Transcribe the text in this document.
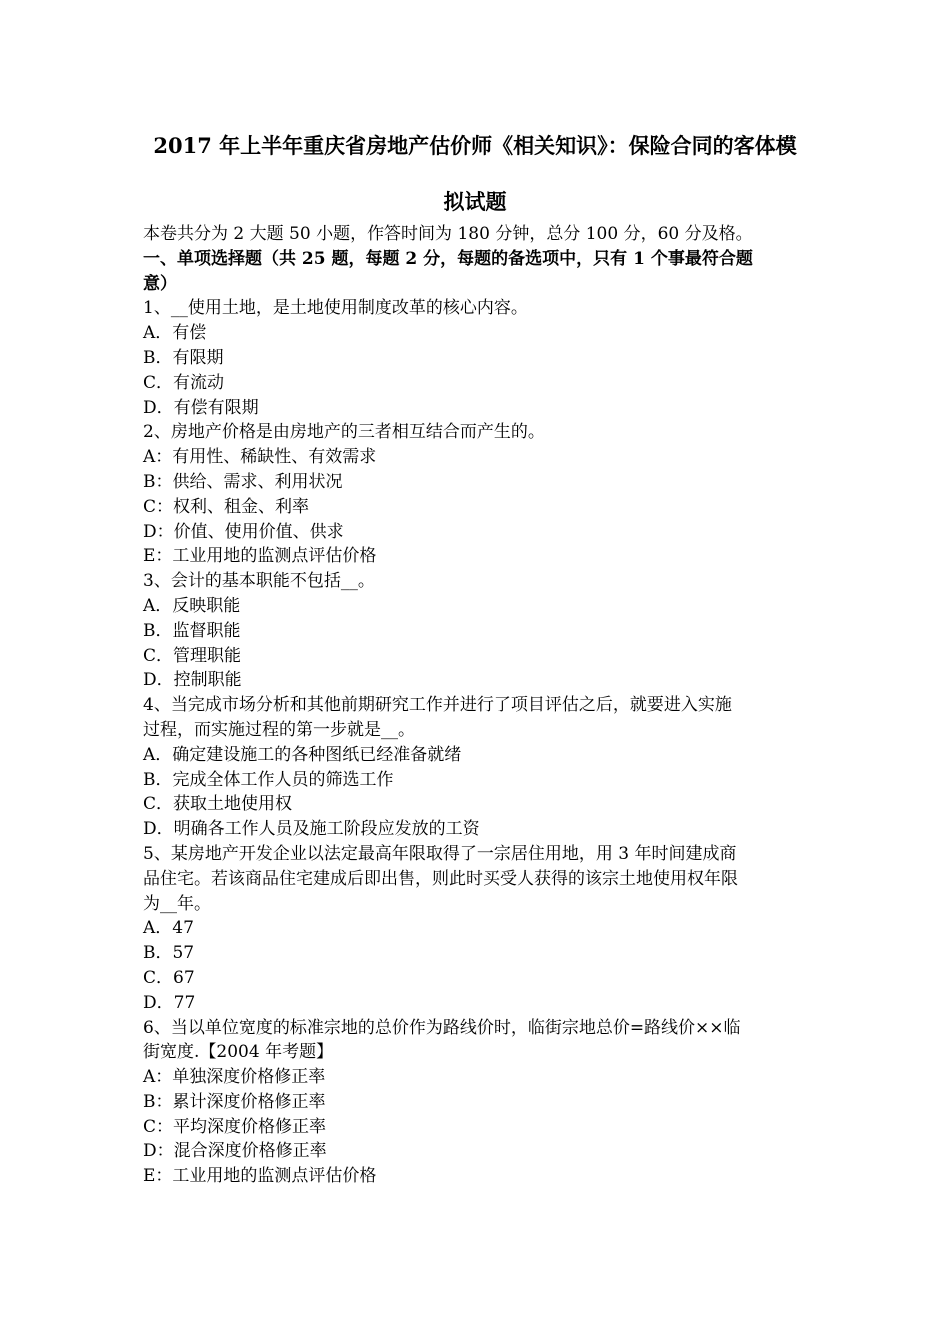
2017 年上半年重庆省房地产估价师《相关知识》：保险合同的客体模
拟试题
本卷共分为 2 大题 50 小题，作答时间为 180 分钟，总分 100 分，60 分及格。
一、单项选择题（共 25 题，每题 2 分，每题的备选项中，只有 1 个事最符合题
意）
1、__使用土地，是土地使用制度改革的核心内容。
A．有偿
B．有限期
C．有流动
D．有偿有限期
2、房地产价格是由房地产的三者相互结合而产生的。
A：有用性、稀缺性、有效需求
B：供给、需求、利用状况
C：权利、租金、利率
D：价值、使用价值、供求
E：工业用地的监测点评估价格
3、会计的基本职能不包括__。
A．反映职能
B．监督职能
C．管理职能
D．控制职能
4、当完成市场分析和其他前期研究工作并进行了项目评估之后，就要进入实施
过程，而实施过程的第一步就是__。
A．确定建设施工的各种图纸已经准备就绪
B．完成全体工作人员的筛选工作
C．获取土地使用权
D．明确各工作人员及施工阶段应发放的工资
5、某房地产开发企业以法定最高年限取得了一宗居住用地，用 3 年时间建成商
品住宅。若该商品住宅建成后即出售，则此时买受人获得的该宗土地使用权年限
为__年。
A．47
B．57
C．67
D．77
6、当以单位宽度的标准宗地的总价作为路线价时，临街宗地总价=路线价××临
街宽度.【2004 年考题】
A：单独深度价格修正率
B：累计深度价格修正率
C：平均深度价格修正率
D：混合深度价格修正率
E：工业用地的监测点评估价格
